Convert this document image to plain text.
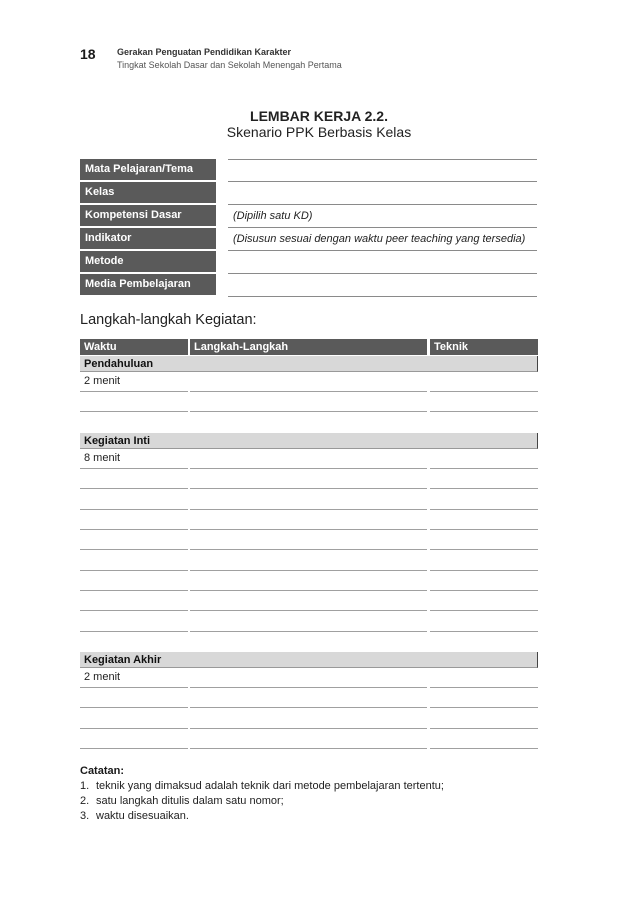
18 Gerakan Penguatan Pendidikan Karakter
Tingkat Sekolah Dasar dan Sekolah Menengah Pertama
LEMBAR KERJA 2.2.
Skenario PPK Berbasis Kelas
Mata Pelajaran/Tema
Kelas
Kompetensi Dasar
Indikator
Metode
Media Pembelajaran
(Dipilih satu KD)
(Disusun sesuai dengan waktu peer teaching yang tersedia)
Langkah-langkah Kegiatan:
Waktu	Langkah-Langkah	Teknik
Pendahuluan
2 menit
Kegiatan Inti
8 menit
Kegiatan Akhir
2 menit
Catatan:
1. teknik yang dimaksud adalah teknik dari metode pembelajaran tertentu;
2. satu langkah ditulis dalam satu nomor;
3. waktu disesuaikan.
